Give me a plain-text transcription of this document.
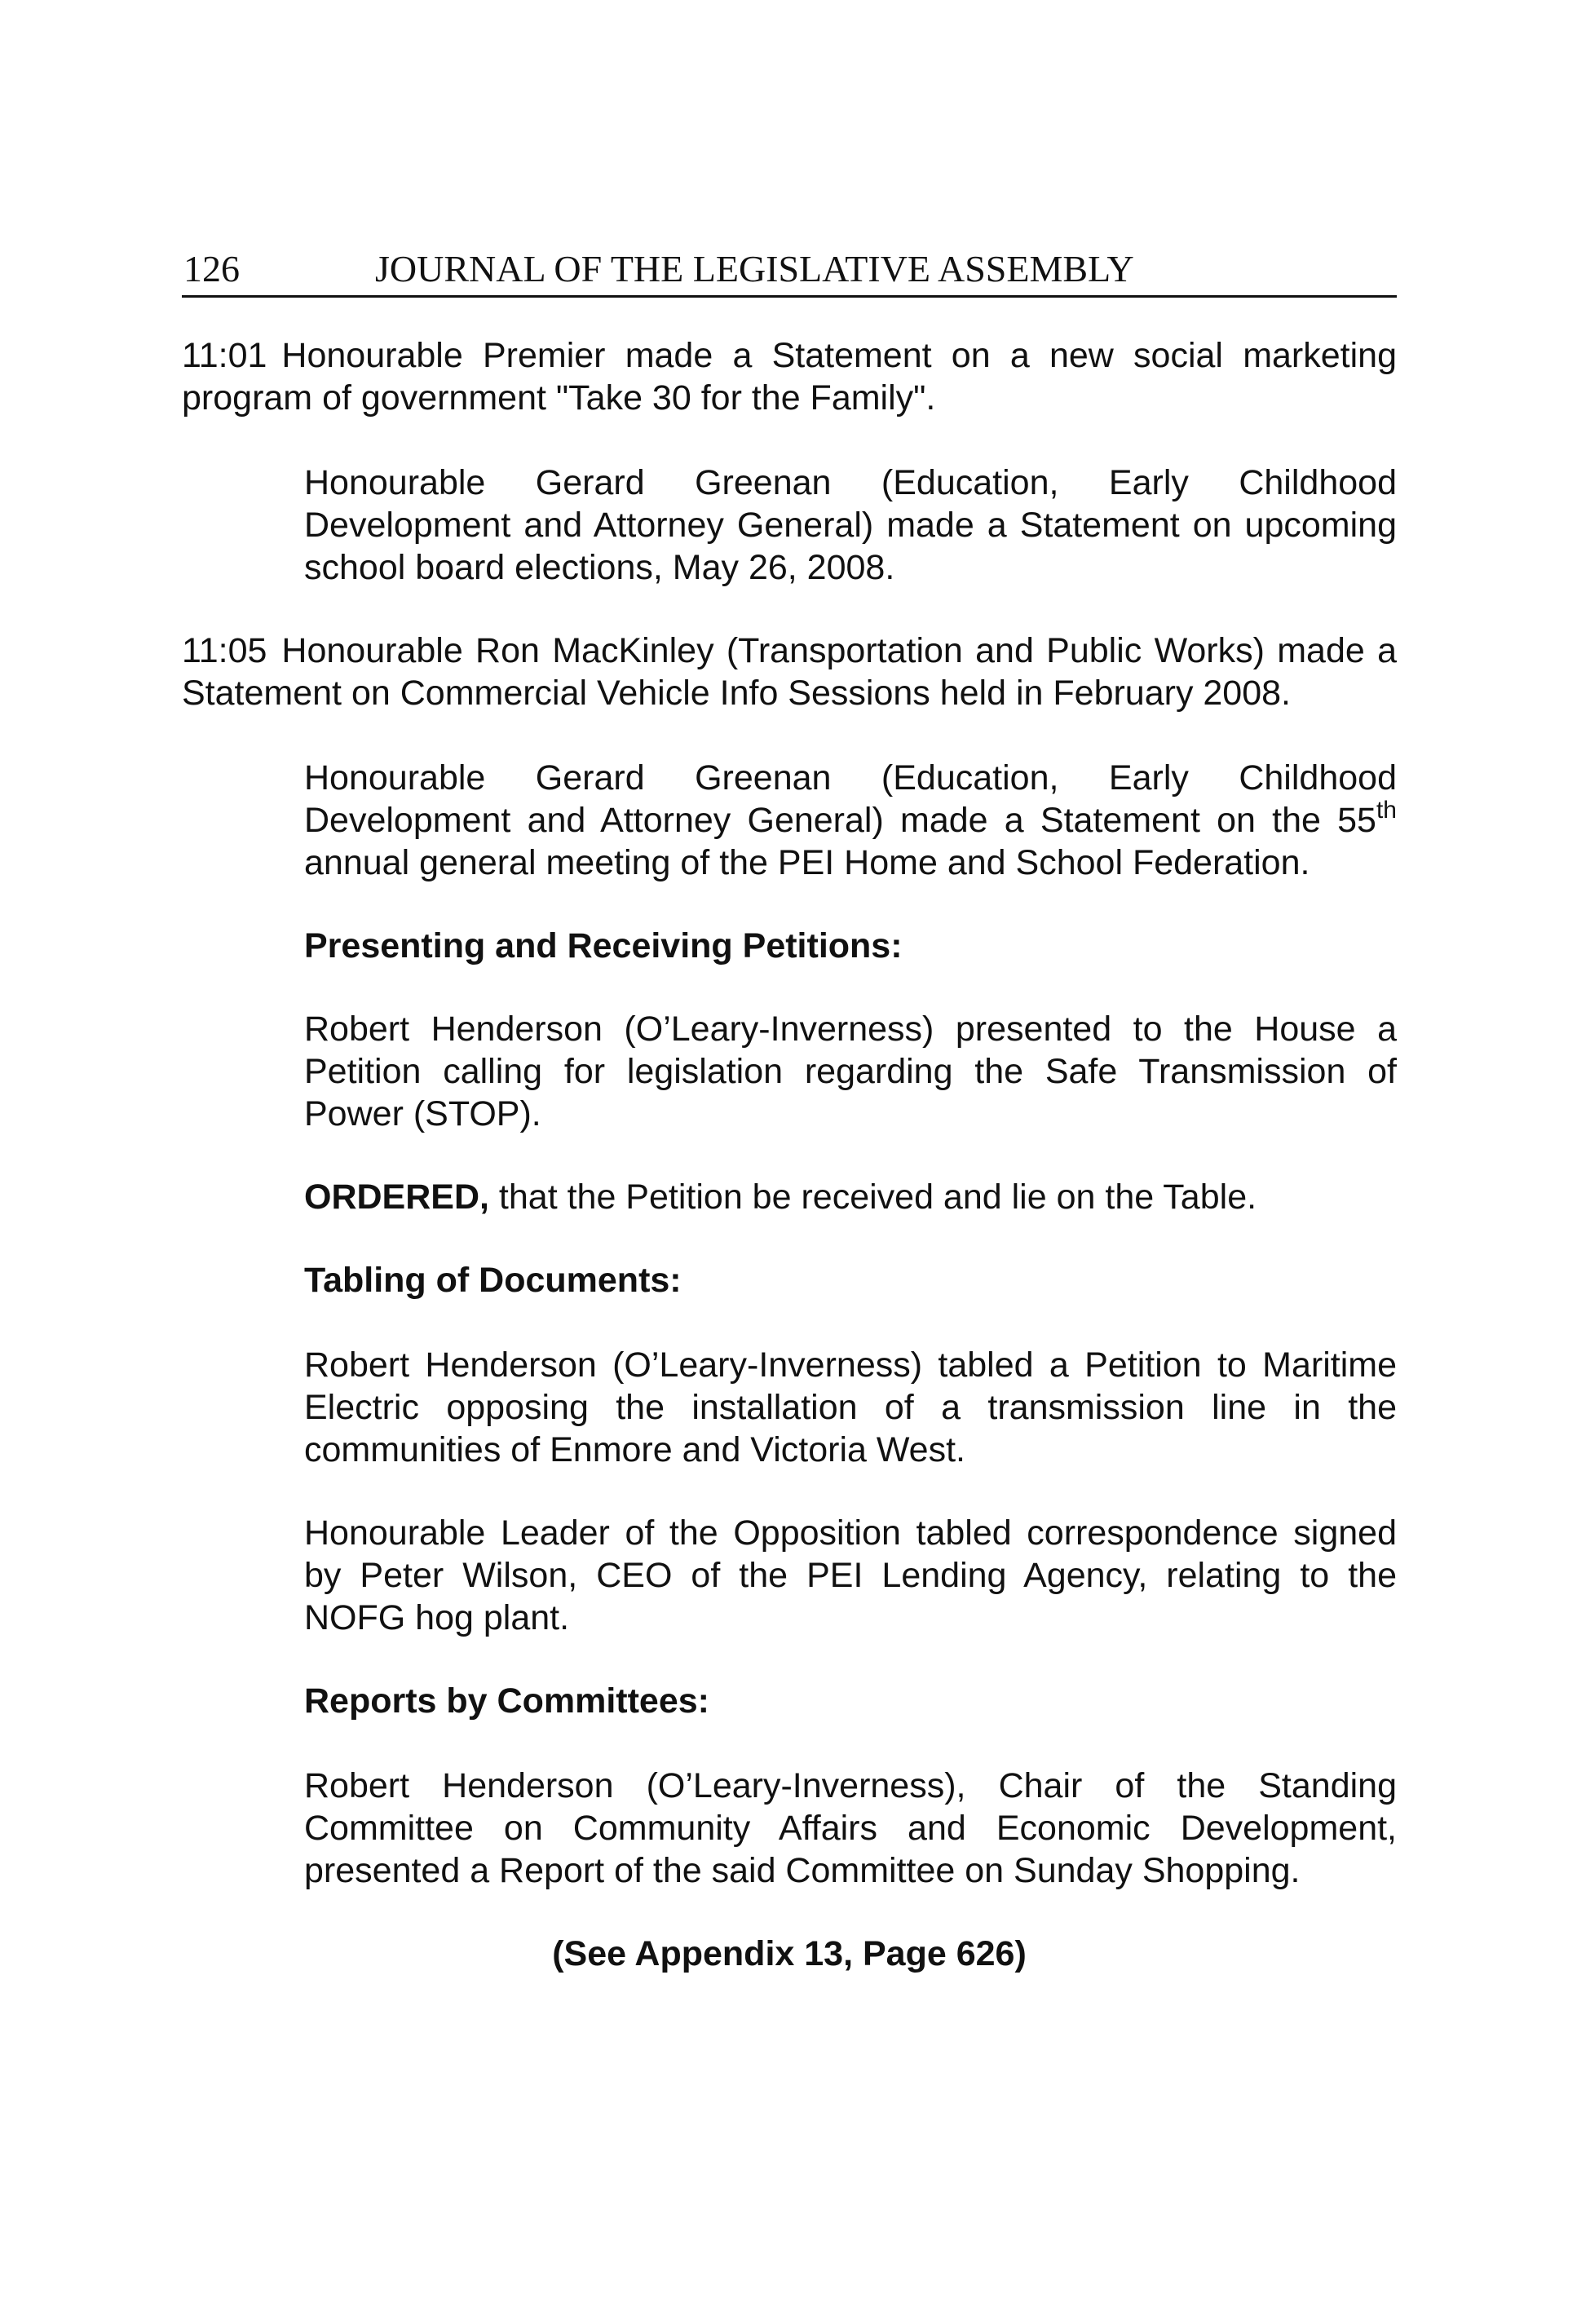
126	JOURNAL OF THE LEGISLATIVE ASSEMBLY

11:01 Honourable Premier made a Statement on a new social marketing program of government "Take 30 for the Family".

Honourable Gerard Greenan (Education, Early Childhood Development and Attorney General) made a Statement on upcoming school board elections, May 26, 2008.

11:05 Honourable Ron MacKinley (Transportation and Public Works) made a Statement on Commercial Vehicle Info Sessions held in February 2008.

Honourable Gerard Greenan (Education, Early Childhood Development and Attorney General) made a Statement on the 55th annual general meeting of the PEI Home and School Federation.

Presenting and Receiving Petitions:

Robert Henderson (O’Leary-Inverness) presented to the House a Petition calling for legislation regarding the Safe Transmission of Power (STOP).

ORDERED, that the Petition be received and lie on the Table.

Tabling of Documents:

Robert Henderson (O’Leary-Inverness) tabled a Petition to Maritime Electric opposing the installation of a transmission line in the communities of Enmore and Victoria West.

Honourable Leader of the Opposition tabled correspondence signed by Peter Wilson, CEO of the PEI Lending Agency, relating to the NOFG hog plant.

Reports by Committees:

Robert Henderson (O’Leary-Inverness), Chair of the Standing Committee on Community Affairs and Economic Development, presented a Report of the said Committee on Sunday Shopping.

(See Appendix 13, Page 626)
